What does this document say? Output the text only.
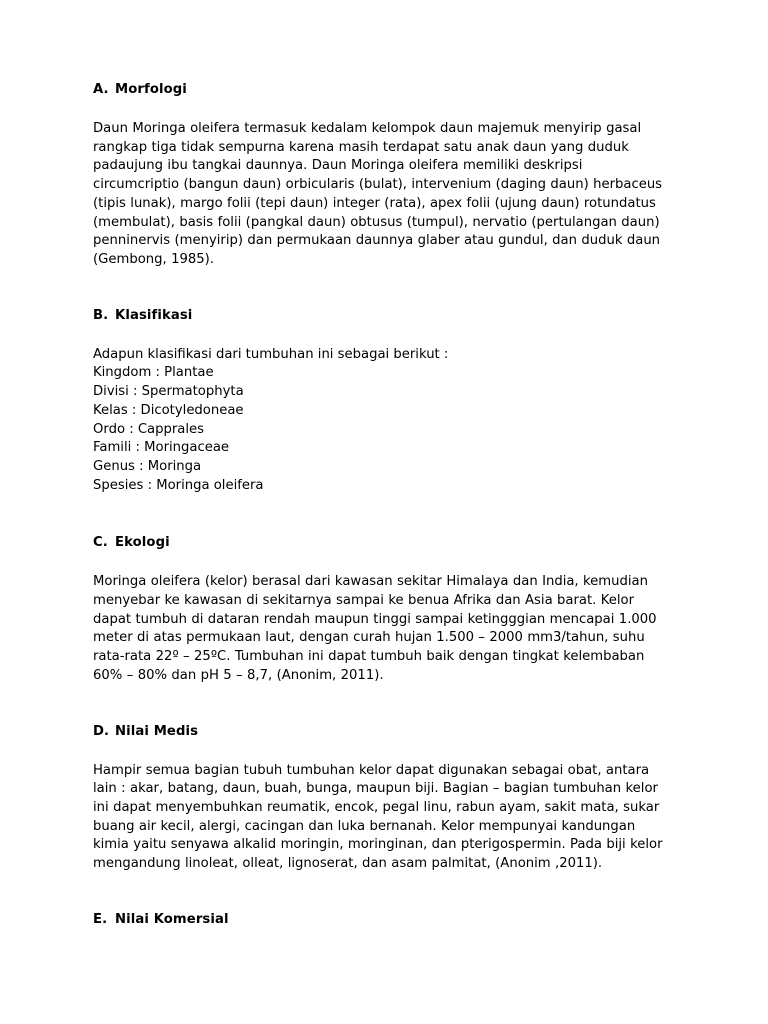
A. Morfologi

Daun Moringa oleifera termasuk kedalam kelompok daun majemuk menyirip gasal rangkap tiga tidak sempurna karena masih terdapat satu anak daun yang duduk padaujung ibu tangkai daunnya. Daun Moringa oleifera memiliki deskripsi circumcriptio (bangun daun) orbicularis (bulat), intervenium (daging daun) herbaceus (tipis lunak), margo folii (tepi daun) integer (rata), apex folii (ujung daun) rotundatus (membulat), basis folii (pangkal daun) obtusus (tumpul), nervatio (pertulangan daun) penninervis (menyirip) dan permukaan daunnya glaber atau gundul, dan duduk daun (Gembong, 1985).

B. Klasifikasi

Adapun klasifikasi dari tumbuhan ini sebagai berikut :

Kingdom : Plantae
Divisi : Spermatophyta
Kelas : Dicotyledoneae
Ordo : Capprales
Famili : Moringaceae
Genus : Moringa
Spesies : Moringa oleifera
C. Ekologi

Moringa oleifera (kelor) berasal dari kawasan sekitar Himalaya dan India, kemudian menyebar ke kawasan di sekitarnya sampai ke benua Afrika dan Asia barat. Kelor dapat tumbuh di dataran rendah maupun tinggi sampai ketingggian mencapai 1.000 meter di atas permukaan laut, dengan curah hujan 1.500 – 2000 mm3/tahun, suhu rata-rata 22º – 25ºC. Tumbuhan ini dapat tumbuh baik dengan tingkat kelembaban 60% – 80% dan pH 5 – 8,7, (Anonim, 2011).

D. Nilai Medis

Hampir semua bagian tubuh tumbuhan kelor dapat digunakan sebagai obat, antara lain : akar, batang, daun, buah, bunga, maupun biji. Bagian – bagian tumbuhan kelor ini dapat menyembuhkan reumatik, encok, pegal linu, rabun ayam, sakit mata, sukar buang air kecil, alergi, cacingan dan luka bernanah. Kelor mempunyai kandungan kimia yaitu senyawa alkalid moringin, moringinan, dan pterigospermin. Pada biji kelor mengandung linoleat, olleat, lignoserat, dan asam palmitat, (Anonim ,2011).

E. Nilai Komersial
